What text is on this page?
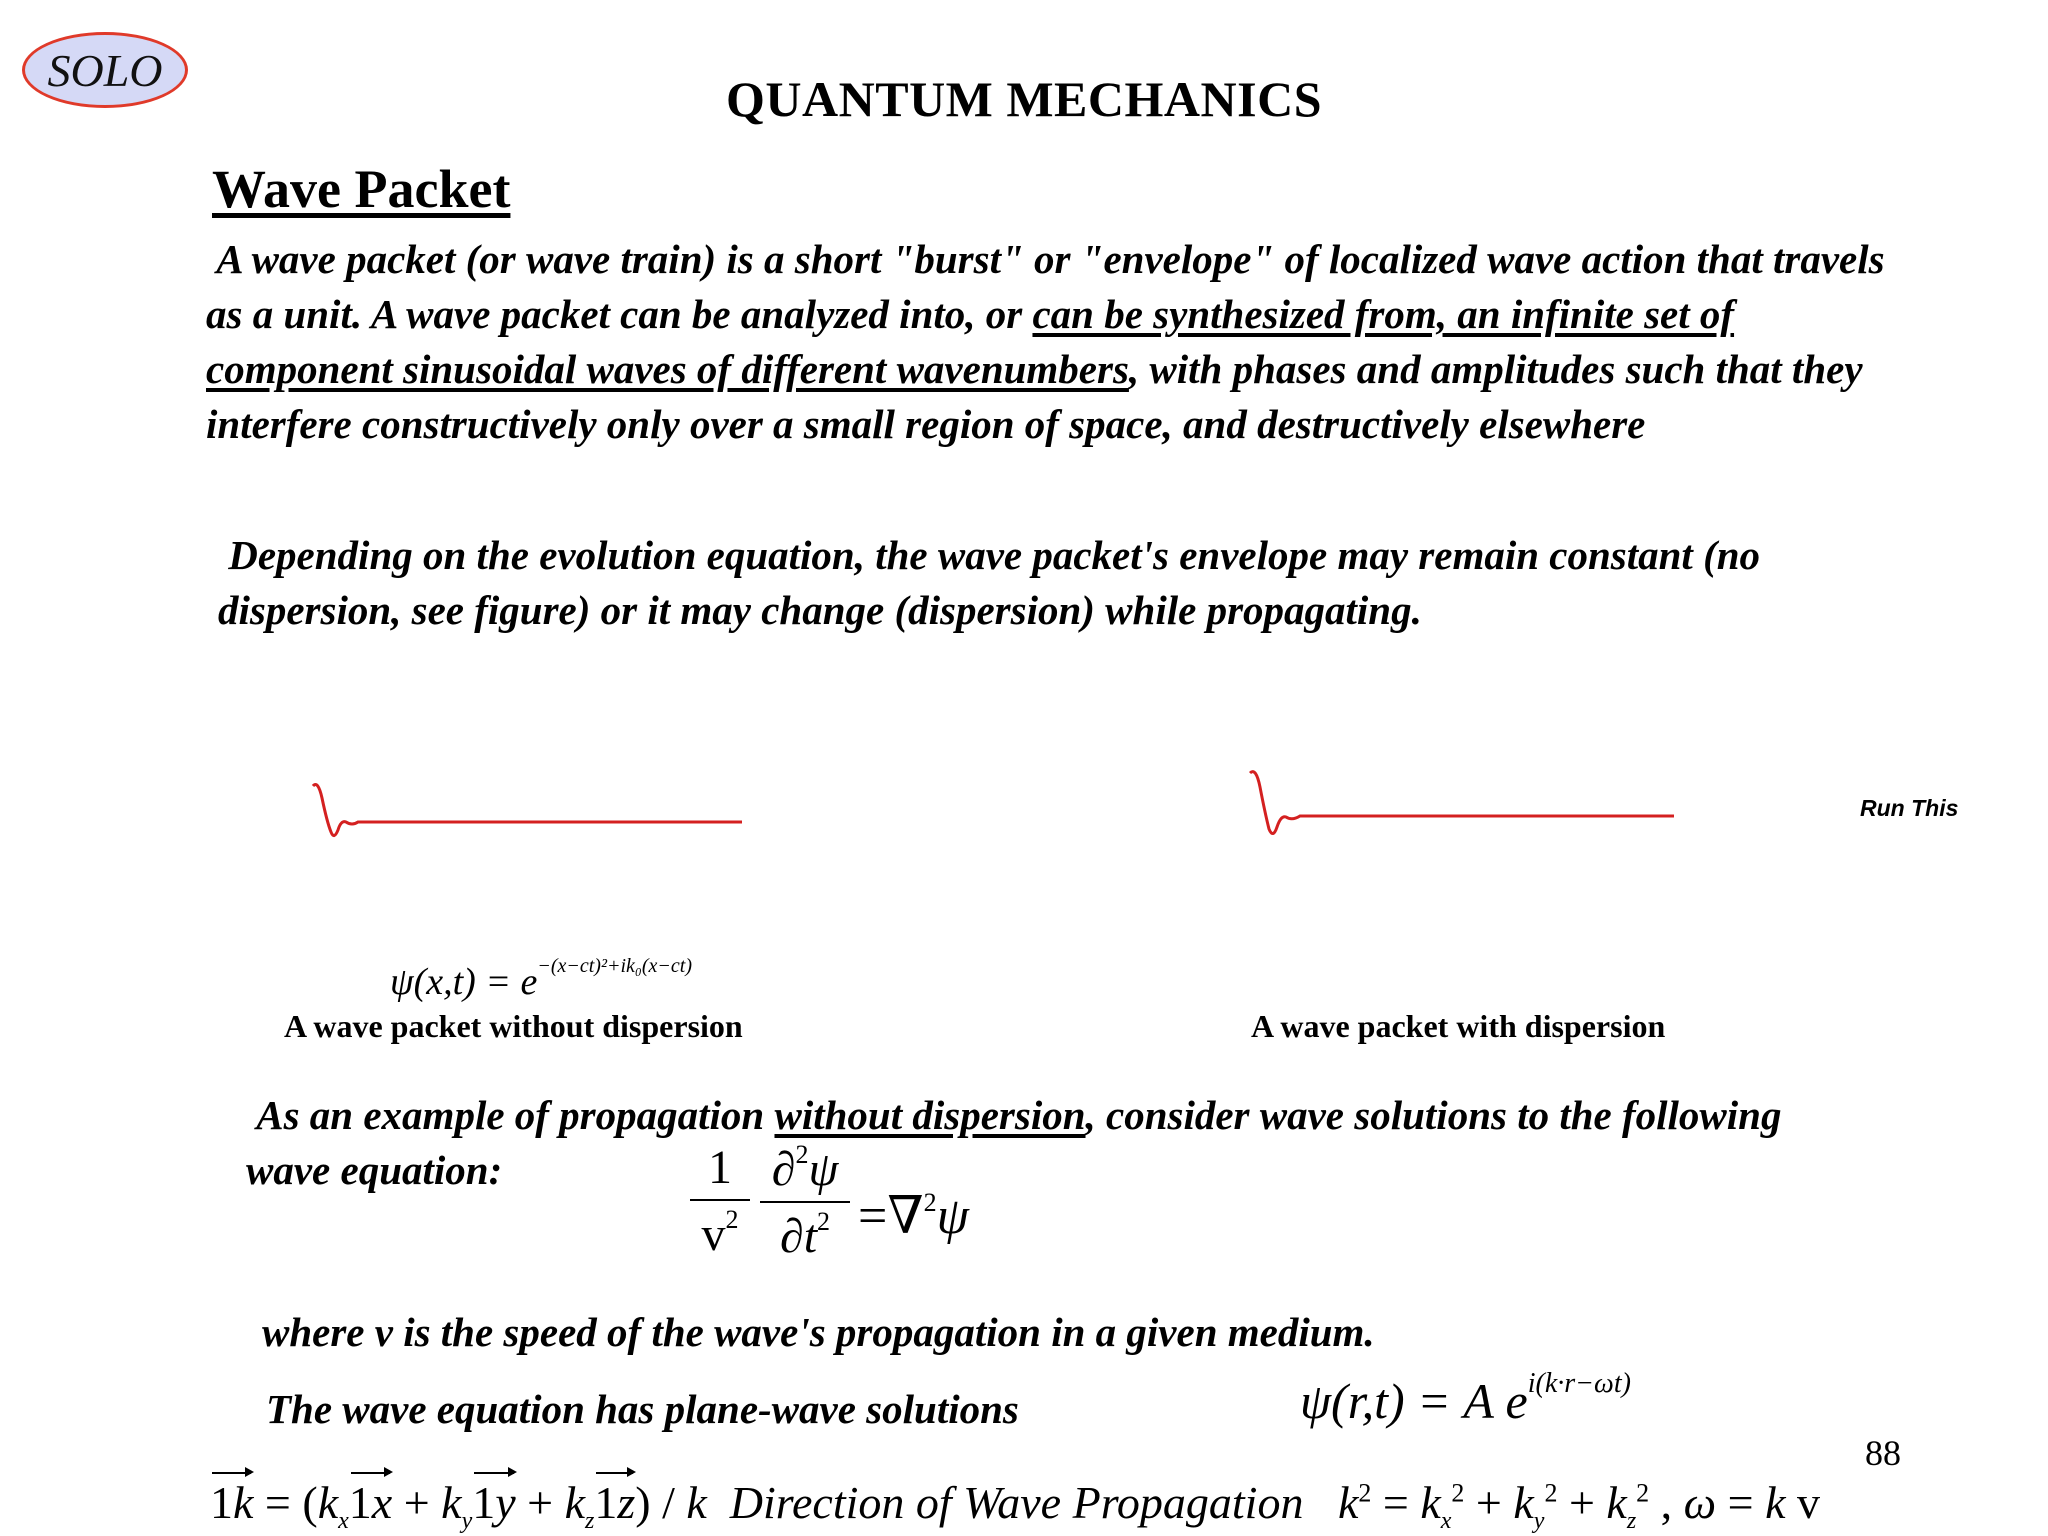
SOLO
QUANTUM MECHANICS
Wave Packet
A wave packet (or wave train) is a short "burst" or "envelope" of localized wave action that travels as a unit. A wave packet can be analyzed into, or can be synthesized from, an infinite set of component sinusoidal waves of different wavenumbers, with phases and amplitudes such that they interfere constructively only over a small region of space, and destructively elsewhere
Depending on the evolution equation, the wave packet's envelope may remain constant (no dispersion, see figure) or it may change (dispersion) while propagating.
Run This
$\psi(x,t) = e^{-(x-ct)^2+ik_0(x-ct)}$
A wave packet without dispersion	A wave packet with dispersion
As an example of propagation without dispersion, consider wave solutions to the following
wave equation:	1
$v^2$
∂$^2$ψ
$\partial t^2 =\nabla^2\psi$
where v is the speed of the wave's propagation in a given medium.
The wave equation has plane-wave solutions	ψ(r,t) = A $e^{i(k\cdot r-\omega t)}$
88
$1k = (k_x1x + k_y1y + k_z1z) / k$ Direction of Wave Propagation $k^2 = k_x^2 + k_y^2 + k_z^2$ , ω = k v
